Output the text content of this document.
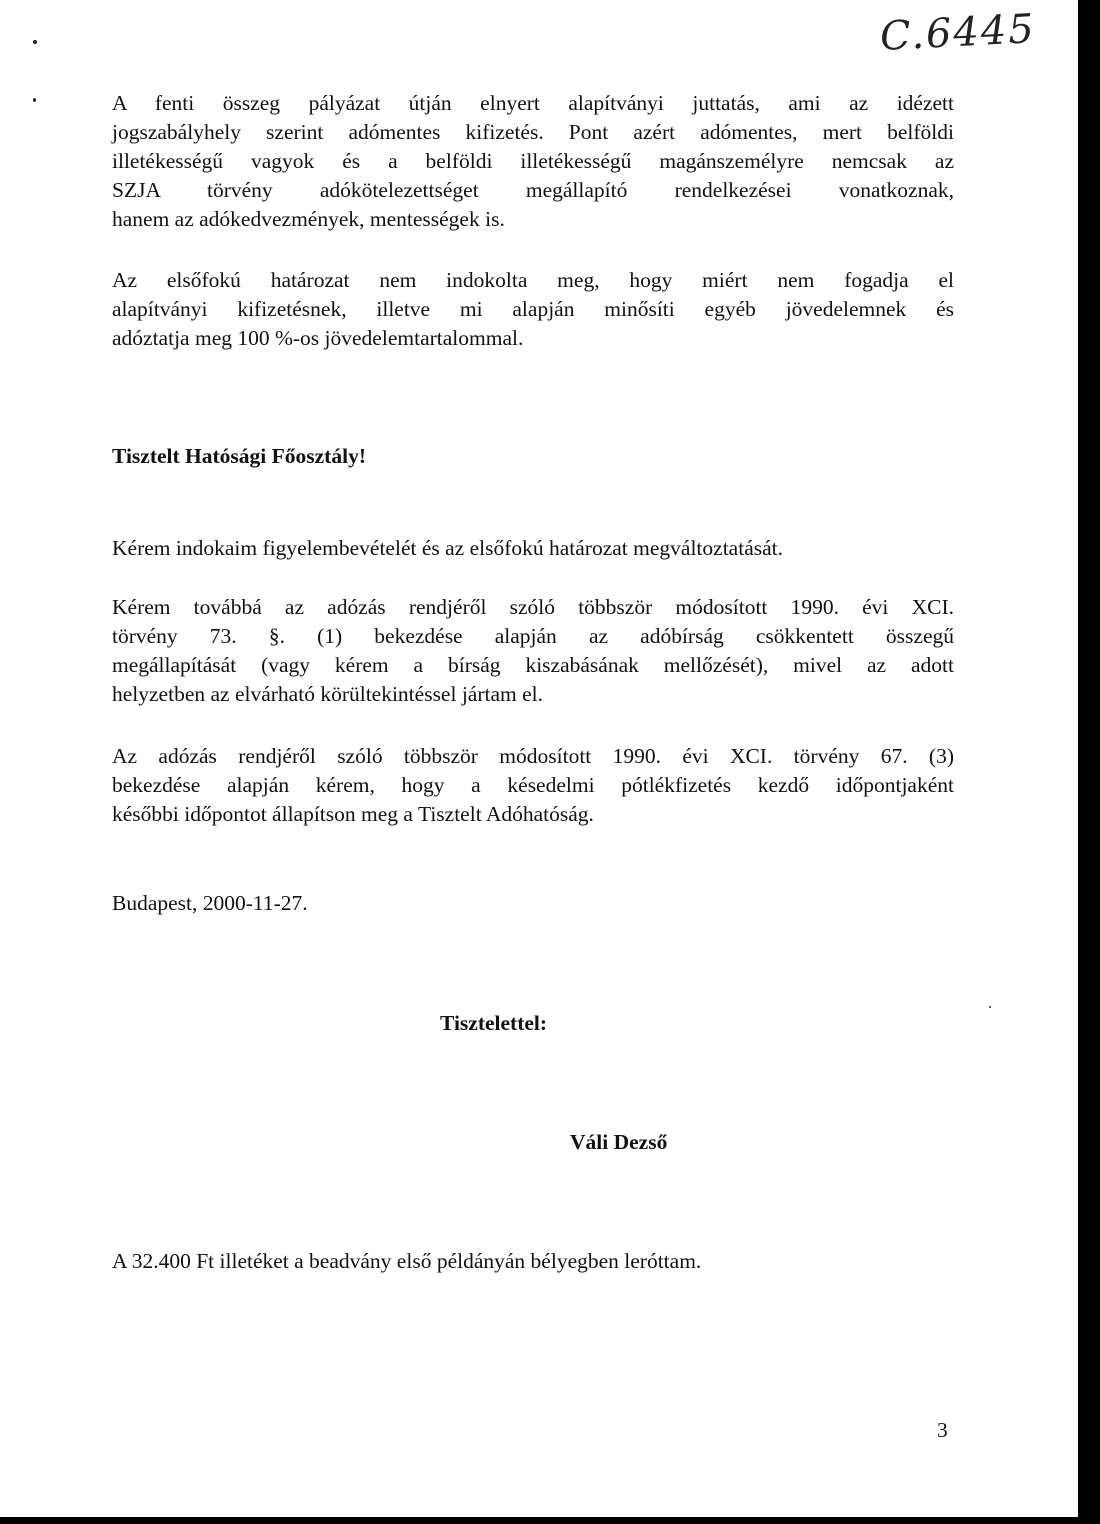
C.6445
A fenti összeg pályázat útján elnyert alapítványi juttatás, ami az idézett
jogszabályhely szerint adómentes kifizetés. Pont azért adómentes, mert belföldi
illetékességű vagyok és a belföldi illetékességű magánszemélyre nemcsak az
SZJA törvény adókötelezettséget megállapító rendelkezései vonatkoznak,
hanem az adókedvezmények, mentességek is.
Az elsőfokú határozat nem indokolta meg, hogy miért nem fogadja el
alapítványi kifizetésnek, illetve mi alapján minősíti egyéb jövedelemnek és
adóztatja meg 100 %-os jövedelemtartalommal.
Tisztelt Hatósági Főosztály!
Kérem indokaim figyelembevételét és az elsőfokú határozat megváltoztatását.
Kérem továbbá az adózás rendjéről szóló többször módosított 1990. évi XCI.
törvény 73. §. (1) bekezdése alapján az adóbírság csökkentett összegű
megállapítását (vagy kérem a bírság kiszabásának mellőzését), mivel az adott
helyzetben az elvárható körültekintéssel jártam el.
Az adózás rendjéről szóló többször módosított 1990. évi XCI. törvény 67. (3)
bekezdése alapján kérem, hogy a késedelmi pótlékfizetés kezdő időpontjaként
későbbi időpontot állapítson meg a Tisztelt Adóhatóság.
Budapest, 2000-11-27.
Tisztelettel:
Váli Dezső
A 32.400 Ft illetéket a beadvány első példányán bélyegben leróttam.
3
